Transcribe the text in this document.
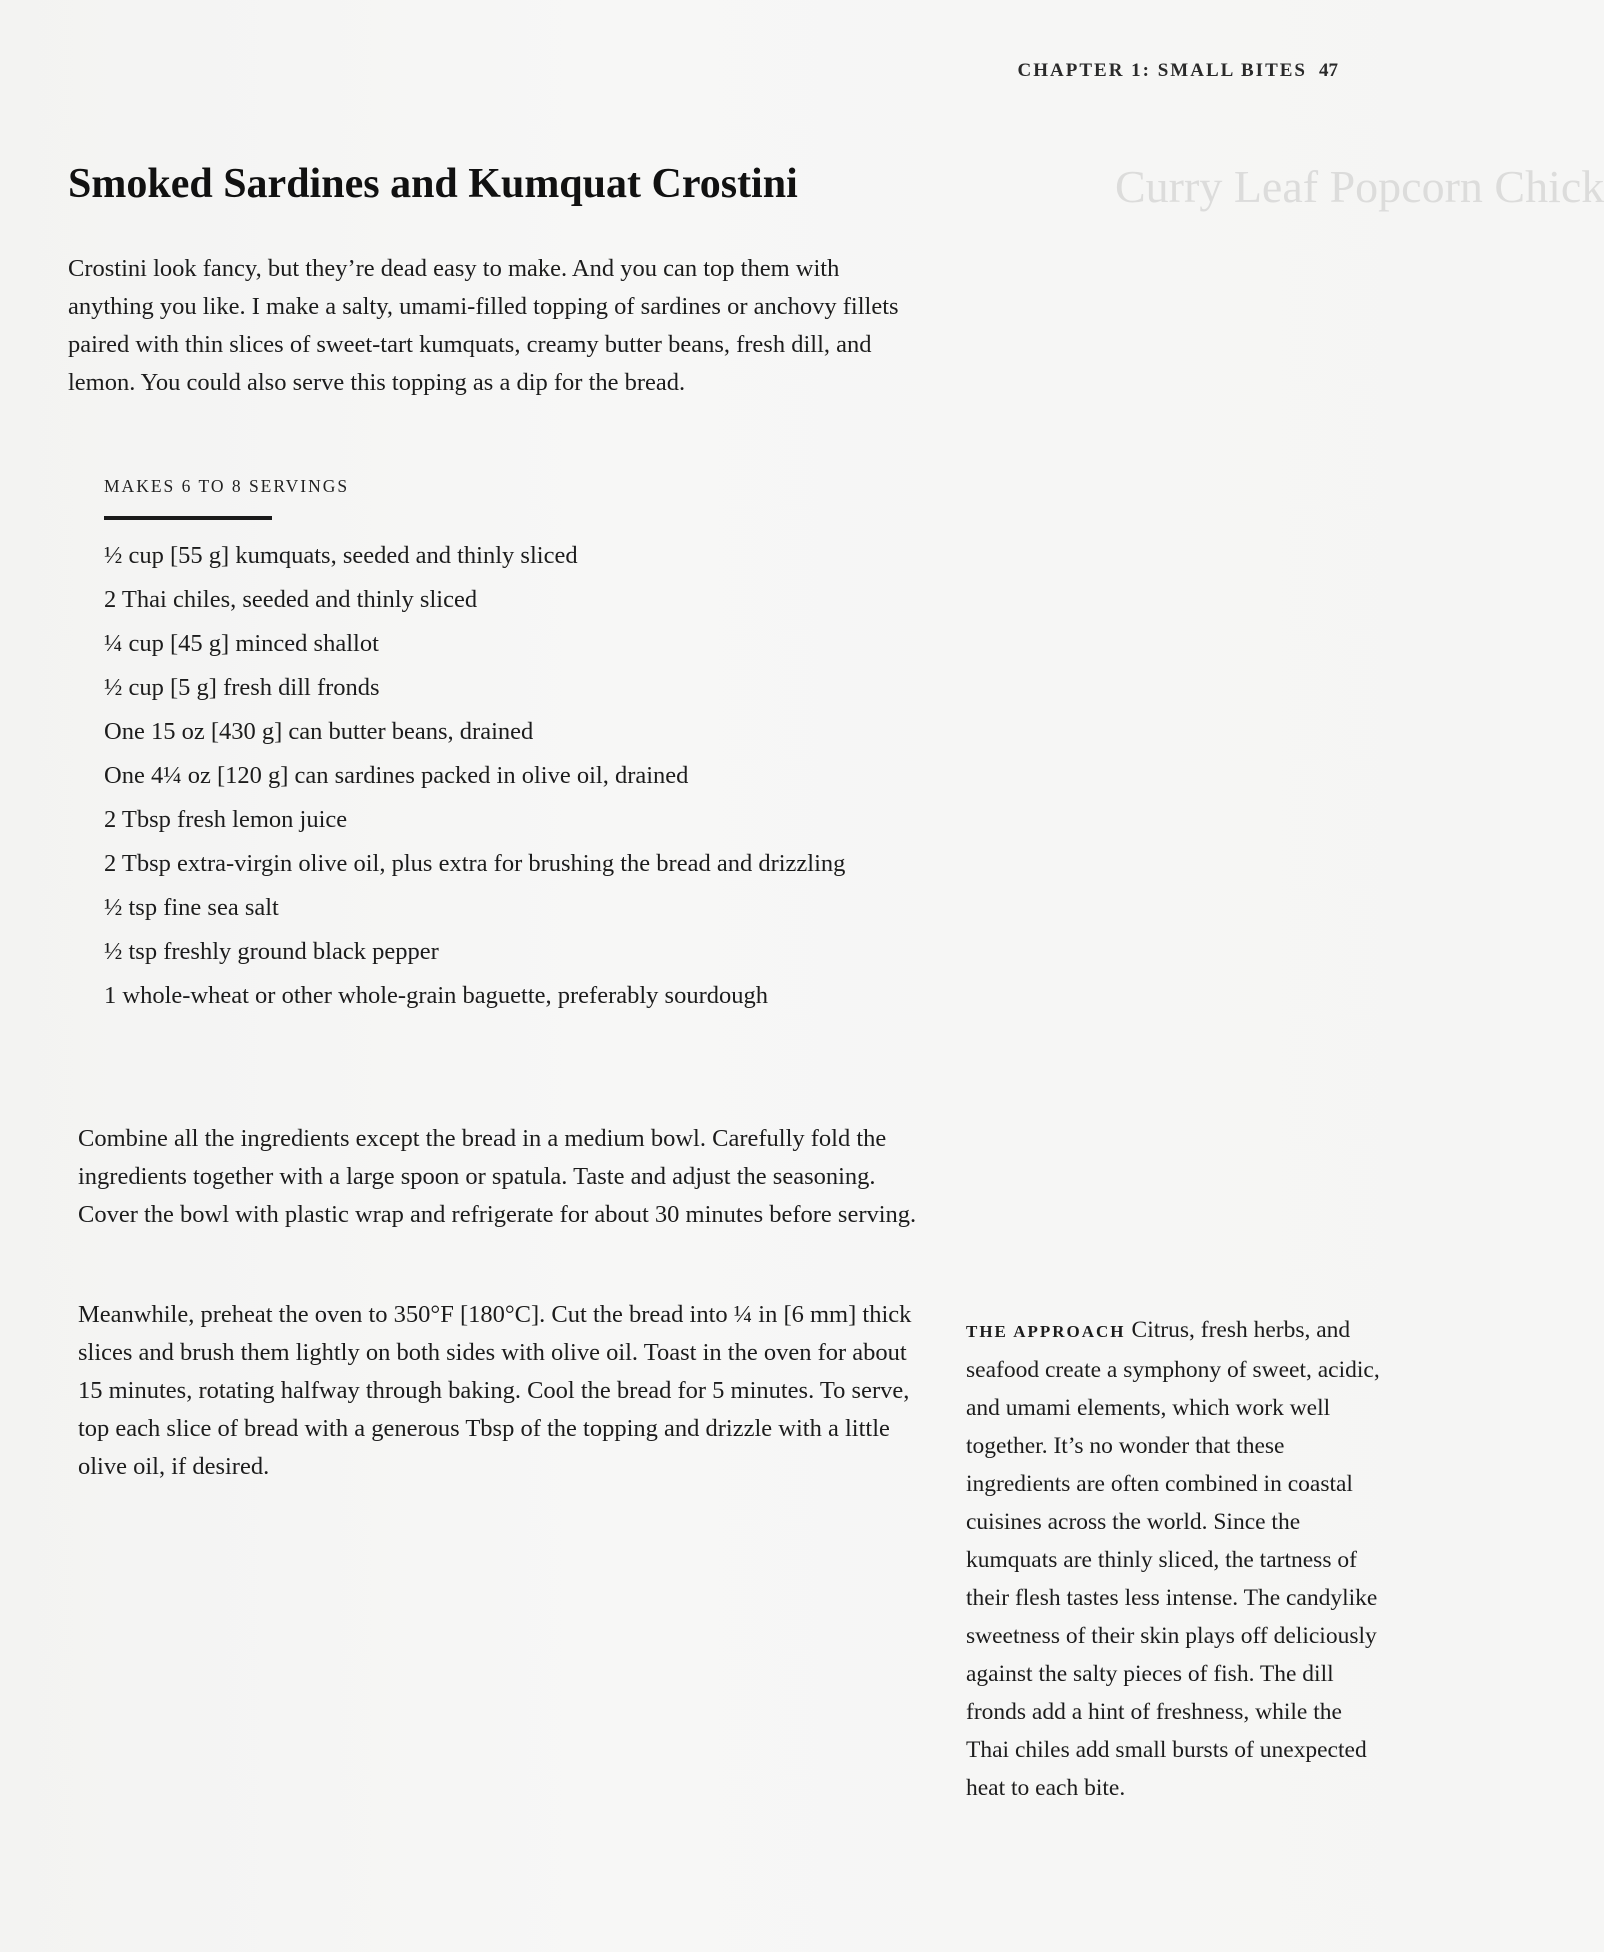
Curry Leaf Popcorn Chick
CHAPTER 1: SMALL BITES 47
Smoked Sardines and Kumquat Crostini

Crostini look fancy, but they’re dead easy to make. And you can top them with anything you like. I make a salty, umami-filled topping of sardines or anchovy fillets paired with thin slices of sweet-tart kumquats, creamy butter beans, fresh dill, and lemon. You could also serve this topping as a dip for the bread.

MAKES 6 TO 8 SERVINGS
½ cup [55 g] kumquats, seeded and thinly sliced
2 Thai chiles, seeded and thinly sliced
¼ cup [45 g] minced shallot
½ cup [5 g] fresh dill fronds
One 15 oz [430 g] can butter beans, drained
One 4¼ oz [120 g] can sardines packed in olive oil, drained
2 Tbsp fresh lemon juice
2 Tbsp extra-virgin olive oil, plus extra for brushing the bread and drizzling
½ tsp fine sea salt
½ tsp freshly ground black pepper
1 whole-wheat or other whole-grain baguette, preferably sourdough

Combine all the ingredients except the bread in a medium bowl. Carefully fold the ingredients together with a large spoon or spatula. Taste and adjust the seasoning. Cover the bowl with plastic wrap and refrigerate for about 30 minutes before serving.

Meanwhile, preheat the oven to 350°F [180°C]. Cut the bread into ¼ in [6 mm] thick slices and brush them lightly on both sides with olive oil. Toast in the oven for about 15 minutes, rotating halfway through baking. Cool the bread for 5 minutes. To serve, top each slice of bread with a generous Tbsp of the topping and drizzle with a little olive oil, if desired.

THE APPROACH Citrus, fresh herbs, and seafood create a symphony of sweet, acidic, and umami elements, which work well together. It’s no wonder that these ingredients are often combined in coastal cuisines across the world. Since the kumquats are thinly sliced, the tartness of their flesh tastes less intense. The candylike sweetness of their skin plays off deliciously against the salty pieces of fish. The dill fronds add a hint of freshness, while the Thai chiles add small bursts of unexpected heat to each bite.
